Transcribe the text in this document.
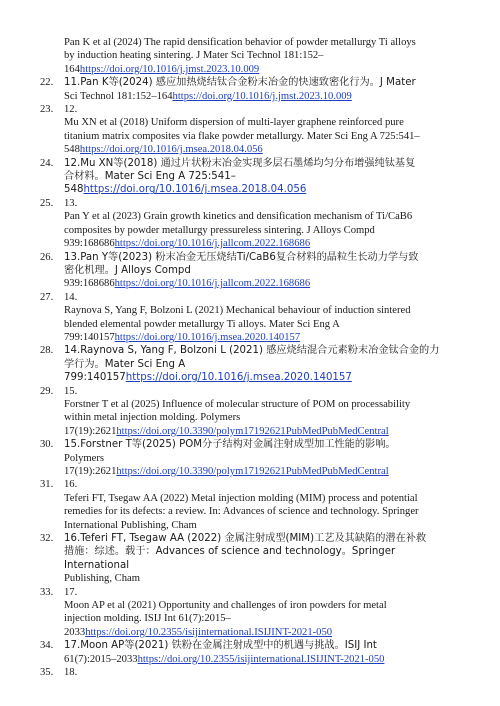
Pan K et al (2024) The rapid densification behavior of powder metallurgy Ti alloys
by induction heating sintering. J Mater Sci Technol 181:152–
164https://doi.org/10.1016/j.jmst.2023.10.009
22.	11.Pan K等(2024) 感应加热烧结钛合金粉末冶金的快速致密化行为。J Mater
Sci Technol 181:152–164https://doi.org/10.1016/j.jmst.2023.10.009
23.	12.
Mu XN et al (2018) Uniform dispersion of multi-layer graphene reinforced pure
titanium matrix composites via flake powder metallurgy. Mater Sci Eng A 725:541–
548https://doi.org/10.1016/j.msea.2018.04.056
24.	12.Mu XN等(2018) 通过片状粉末冶金实现多层石墨烯均匀分布增强纯钛基复
合材料。Mater Sci Eng A 725:541–548https://doi.org/10.1016/j.msea.2018.04.056
25.	13.
Pan Y et al (2023) Grain growth kinetics and densification mechanism of Ti/CaB6
composites by powder metallurgy pressureless sintering. J Alloys Compd
939:168686https://doi.org/10.1016/j.jallcom.2022.168686
26.	13.Pan Y等(2023) 粉末冶金无压烧结Ti/CaB6复合材料的晶粒生长动力学与致
密化机理。J Alloys Compd
939:168686https://doi.org/10.1016/j.jallcom.2022.168686
27.	14.
Raynova S, Yang F, Bolzoni L (2021) Mechanical behaviour of induction sintered
blended elemental powder metallurgy Ti alloys. Mater Sci Eng A
799:140157https://doi.org/10.1016/j.msea.2020.140157
28.	14.Raynova S, Yang F, Bolzoni L (2021) 感应烧结混合元素粉末冶金钛合金的力
学行为。Mater Sci Eng A 799:140157https://doi.org/10.1016/j.msea.2020.140157
29.	15.
Forstner T et al (2025) Influence of molecular structure of POM on processability
within metal injection molding. Polymers
17(19):2621https://doi.org/10.3390/polym17192621PubMedPubMedCentral
30.	15.Forstner T等(2025) POM分子结构对金属注射成型加工性能的影响。
Polymers
17(19):2621https://doi.org/10.3390/polym17192621PubMedPubMedCentral
31.	16.
Teferi FT, Tsegaw AA (2022) Metal injection molding (MIM) process and potential
remedies for its defects: a review. In: Advances of science and technology. Springer
International Publishing, Cham
32.	16.Teferi FT, Tsegaw AA (2022) 金属注射成型(MIM)工艺及其缺陷的潜在补救
措施：综述。载于：Advances of science and technology。Springer International
Publishing, Cham
33.	17.
Moon AP et al (2021) Opportunity and challenges of iron powders for metal
injection molding. ISIJ Int 61(7):2015–
2033https://doi.org/10.2355/isijinternational.ISIJINT-2021-050
34.	17.Moon AP等(2021) 铁粉在金属注射成型中的机遇与挑战。ISIJ Int
61(7):2015–2033https://doi.org/10.2355/isijinternational.ISIJINT-2021-050
35.	18.
